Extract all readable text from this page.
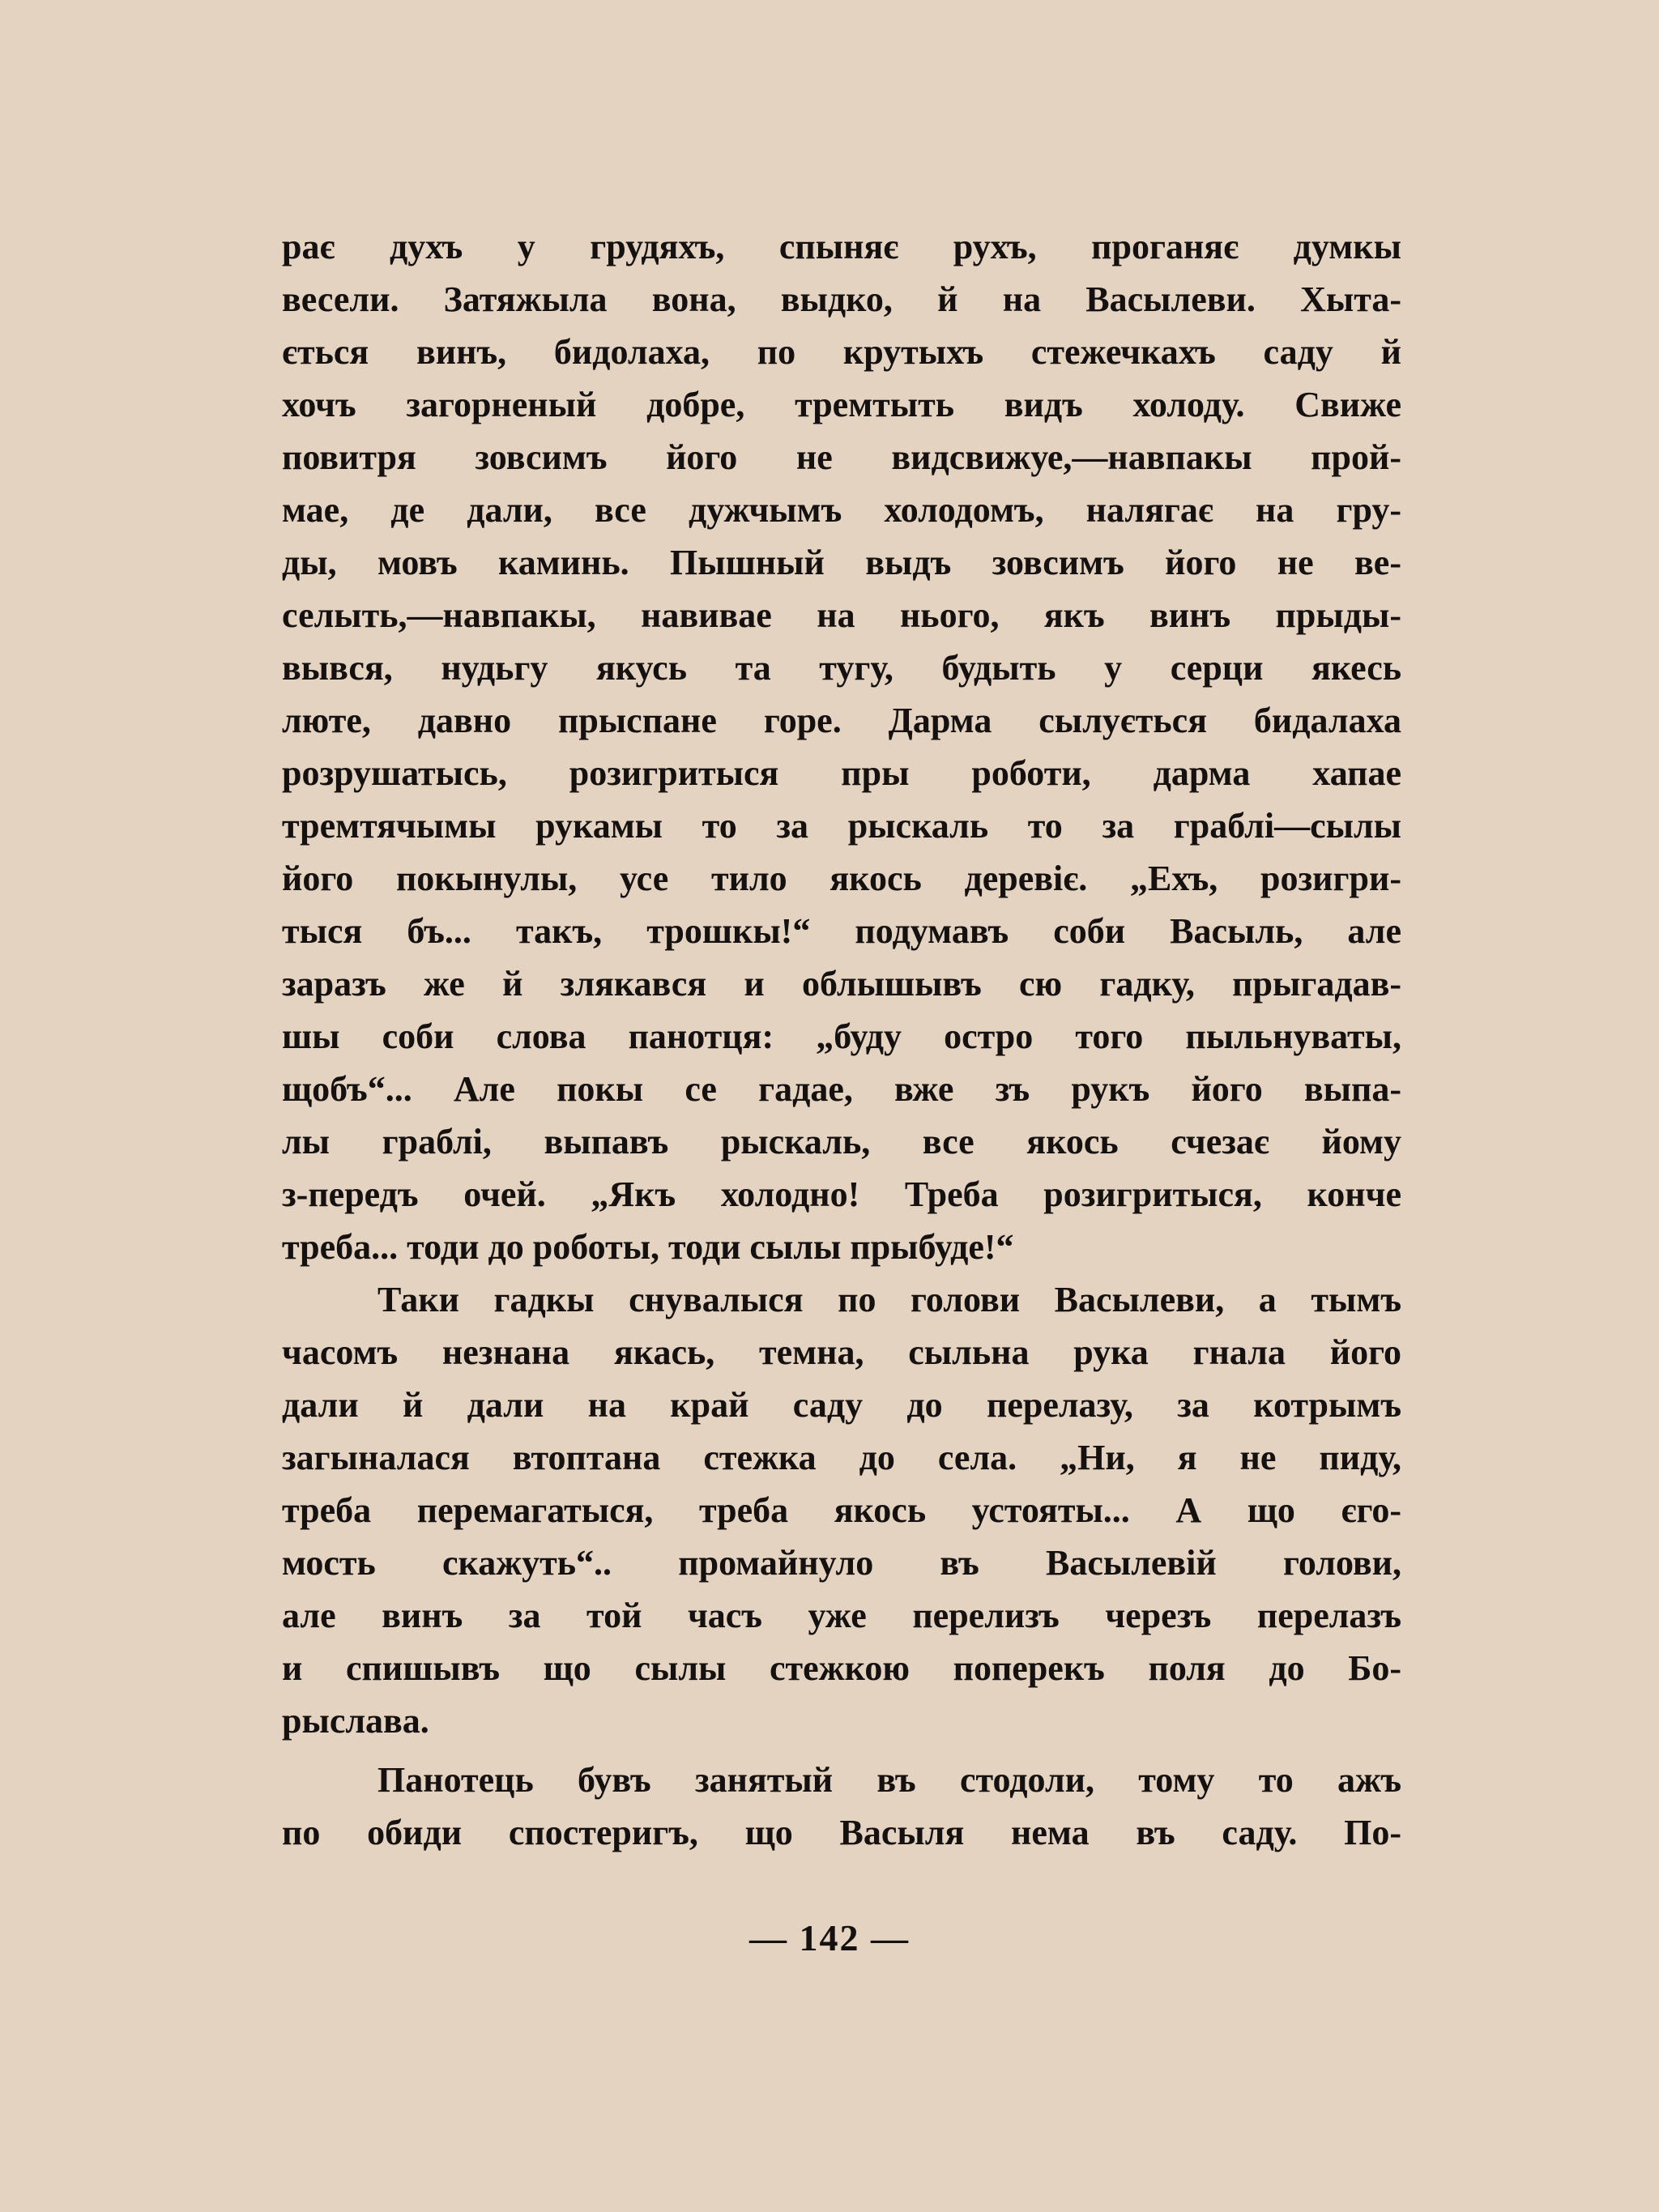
рає духъ у грудяхъ, спыняє рухъ, проганяє думкы
весели. Затяжыла вона, выдко, й на Васылеви. Хыта-
ється винъ, бидолаха, по крутыхъ стежечкахъ саду й
хочъ загорненый добре, тремтыть видъ холоду. Свиже
повитря зовсимъ його не видсвижуе,—навпакы прой-
мае, де дали, все дужчымъ холодомъ, налягає на гру-
ды, мовъ каминь. Пышный выдъ зовсимъ його не ве-
селыть,—навпакы, навивае на нього, якъ винъ прыды-
вывся, нудьгу якусь та тугу, будыть у серци якесь
люте, давно прыспане горе. Дарма сылується бидалаха
розрушатысь, розигритыся пры роботи, дарма хапае
тремтячымы рукамы то за рыскаль то за граблі—сылы
його покынулы, усе тило якось деревіє. „Ехъ, розигри-
тыся бъ... такъ, трошкы!“ подумавъ соби Васыль, але
заразъ же й злякався и облышывъ сю гадку, прыгадав-
шы соби слова панотця: „буду остро того пыльнуваты,
щобъ“... Але покы се гадае, вже зъ рукъ його выпа-
лы граблі, выпавъ рыскаль, все якось счезає йому
з-передъ очей. „Якъ холодно! Треба розигритыся, конче
треба... тоди до роботы, тоди сылы прыбуде!“
Таки гадкы снувалыся по голови Васылеви, а тымъ
часомъ незнана якась, темна, сыльна рука гнала його
дали й дали на край саду до перелазу, за котрымъ
загыналася втоптана стежка до села. „Ни, я не пиду,
треба перемагатыся, треба якось устояты... А що єго-
мость скажуть“.. промайнуло въ Васылевій голови,
але винъ за той часъ уже перелизъ черезъ перелазъ
и спишывъ що сылы стежкою поперекъ поля до Бо-
рыслава.
Панотець бувъ занятый въ стодоли, тому то ажъ
по обиди спостеригъ, що Васыля нема въ саду. По-
— 142 —
